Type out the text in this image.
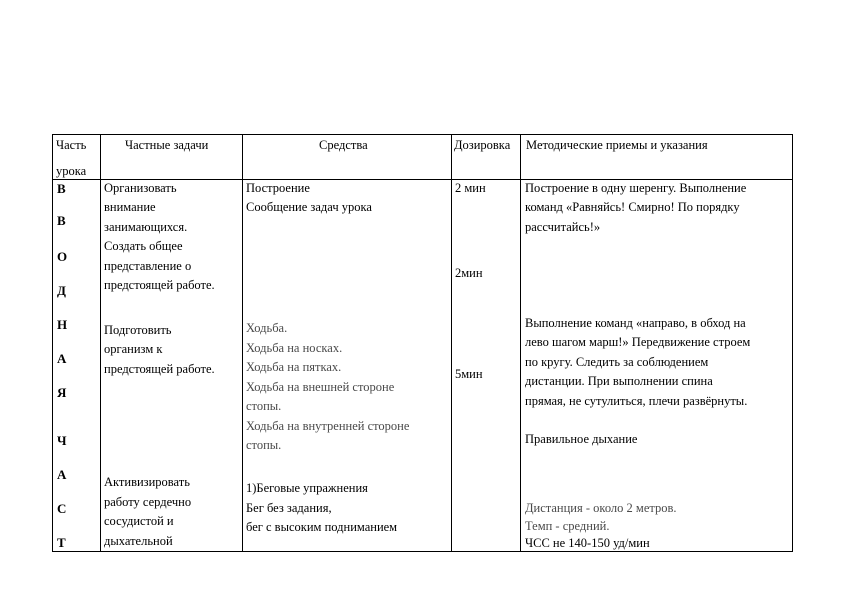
Часть
урока
Частные задачи	Средства	Дозировка Методические приемы и указания
В
В
О
Д
Н
А
Я
Ч
А
С
Т
Организовать
внимание
занимающихся.
Создать общее
представление о
предстоящей работе.
Подготовить
организм к
предстоящей работе.
Активизировать
работу сердечно
сосудистой и
дыхательной
Построение
Сообщение задач урока
Ходьба.
Ходьба на носках.
Ходьба на пятках.
Ходьба на внешней стороне
стопы.
Ходьба на внутренней стороне
стопы.
1)Беговые упражнения
Бег без задания,
бег с высоким подниманием
2 мин
2мин
5мин
Построение в одну шеренгу. Выполнение
команд «Равняйсь! Смирно! По порядку
рассчитайсь!»
Выполнение команд «направо, в обход на
лево шагом марш!» Передвижение строем
по кругу. Следить за соблюдением
дистанции. При выполнении спина
прямая, не сутулиться, плечи развёрнуты.
Правильное дыхание
Дистанция - около 2 метров.
Темп - средний.
ЧСС не 140-150 уд/мин
